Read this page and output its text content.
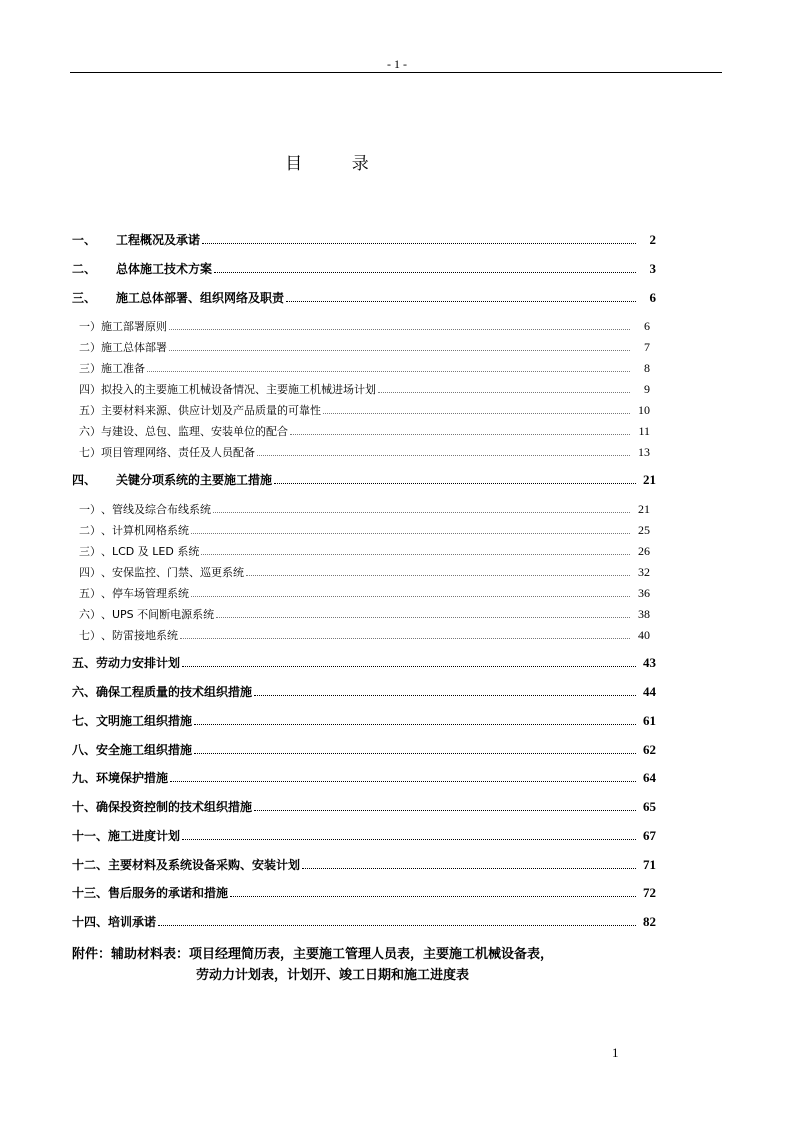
- 1 -
目 录
一、 工程概况及承诺	2
二、 总体施工技术方案	3
三、 施工总体部署、组织网络及职责	6
一） 施工部署原则	6
二） 施工总体部署	7
三） 施工准备	8
四） 拟投入的主要施工机械设备情况、主要施工机械进场计划	9
五） 主要材料来源、供应计划及产品质量的可靠性	10
六） 与建设、总包、监理、安装单位的配合	11
七） 项目管理网络、责任及人员配备	13
四、 关键分项系统的主要施工措施	21
一） 、管线及综合布线系统	21
二） 、计算机网格系统	25
三） 、LCD 及 LED 系统	26
四） 、安保监控、门禁、巡更系统	32
五） 、停车场管理系统	36
六） 、UPS 不间断电源系统	38
七） 、防雷接地系统	40
五、 劳动力安排计划	43
六、 确保工程质量的技术组织措施	44
七、 文明施工组织措施	61
八、 安全施工组织措施	62
九、 环境保护措施	64
十、 确保投资控制的技术组织措施	65
十一、 施工进度计划	67
十二、 主要材料及系统设备采购、安装计划	71
十三、 售后服务的承诺和措施	72
十四、 培训承诺	82
附件：辅助材料表：项目经理简历表，主要施工管理人员表，主要施工机械设备表，
劳动力计划表，计划开、竣工日期和施工进度表
1
